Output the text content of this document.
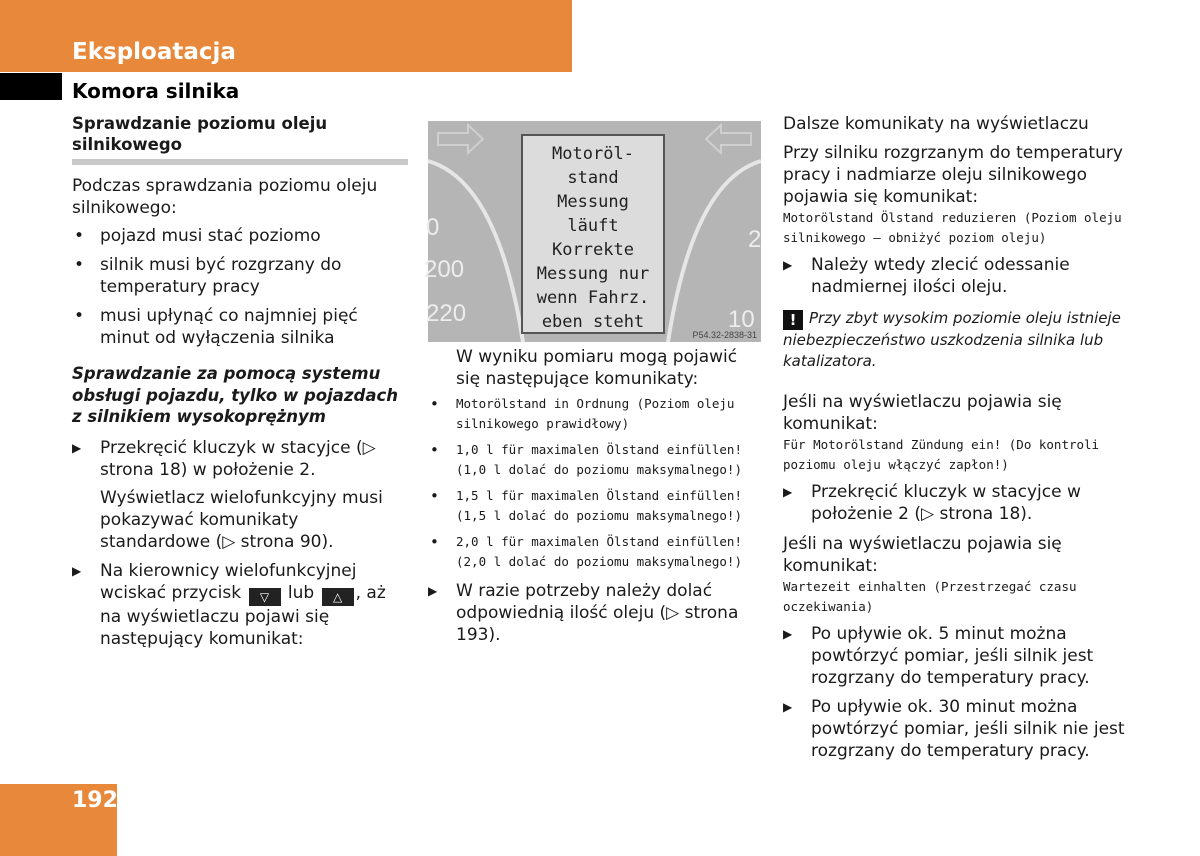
Eksploatacja
Komora silnika
Sprawdzanie poziomu oleju silnikowego

Podczas sprawdzania poziomu oleju silnikowego:

• pojazd musi stać poziomo
• silnik musi być rozgrzany do temperatury pracy
• musi upłynąć co najmniej pięć minut od wyłączenia silnika
Sprawdzanie za pomocą systemu obsługi pojazdu, tylko w pojazdach z silnikiem wysokoprężnym
▶ Przekręcić kluczyk w stacyjce (▷ strona 18) w położenie 2.

Wyświetlacz wielofunkcyjny musi pokazywać komunikaty standardowe (▷ strona 90).

▶ Na kierownicy wielofunkcyjnej wciskać przycisk ▽ lub △ , aż na wyświetlaczu pojawi się następujący komunikat:
0
200
220
2
10
Motoröl-
stand
Messung
läuft
Korrekte
Messung nur
wenn Fahrz.
eben steht
P54.32-2838-31

W wyniku pomiaru mogą pojawić się następujące komunikaty:

• Motorölstand in Ordnung (Poziom oleju silnikowego prawidłowy)
• 1,0 l für maximalen Ölstand einfüllen! (1,0 l dolać do poziomu maksymalnego!)
• 1,5 l für maximalen Ölstand einfüllen! (1,5 l dolać do poziomu maksymalnego!)
• 2,0 l für maximalen Ölstand einfüllen! (2,0 l dolać do poziomu maksymalnego!)
▶ W razie potrzeby należy dolać odpowiednią ilość oleju (▷ strona 193).

Dalsze komunikaty na wyświetlaczu

Przy silniku rozgrzanym do temperatury pracy i nadmiarze oleju silnikowego pojawia się komunikat:

Motorölstand Ölstand reduzieren (Poziom oleju silnikowego – obniżyć poziom oleju)
▶ Należy wtedy zlecić odessanie nadmiernej ilości oleju.
! Przy zbyt wysokim poziomie oleju istnieje niebezpieczeństwo uszkodzenia silnika lub katalizatora.

Jeśli na wyświetlaczu pojawia się komunikat:

Für Motorölstand Zündung ein! (Do kontroli poziomu oleju włączyć zapłon!)
▶ Przekręcić kluczyk w stacyjce w położenie 2 (▷ strona 18).

Jeśli na wyświetlaczu pojawia się komunikat:

Wartezeit einhalten (Przestrzegać czasu oczekiwania)
▶ Po upływie ok. 5 minut można powtórzyć pomiar, jeśli silnik jest rozgrzany do temperatury pracy.
▶ Po upływie ok. 30 minut można powtórzyć pomiar, jeśli silnik nie jest rozgrzany do temperatury pracy.
192
